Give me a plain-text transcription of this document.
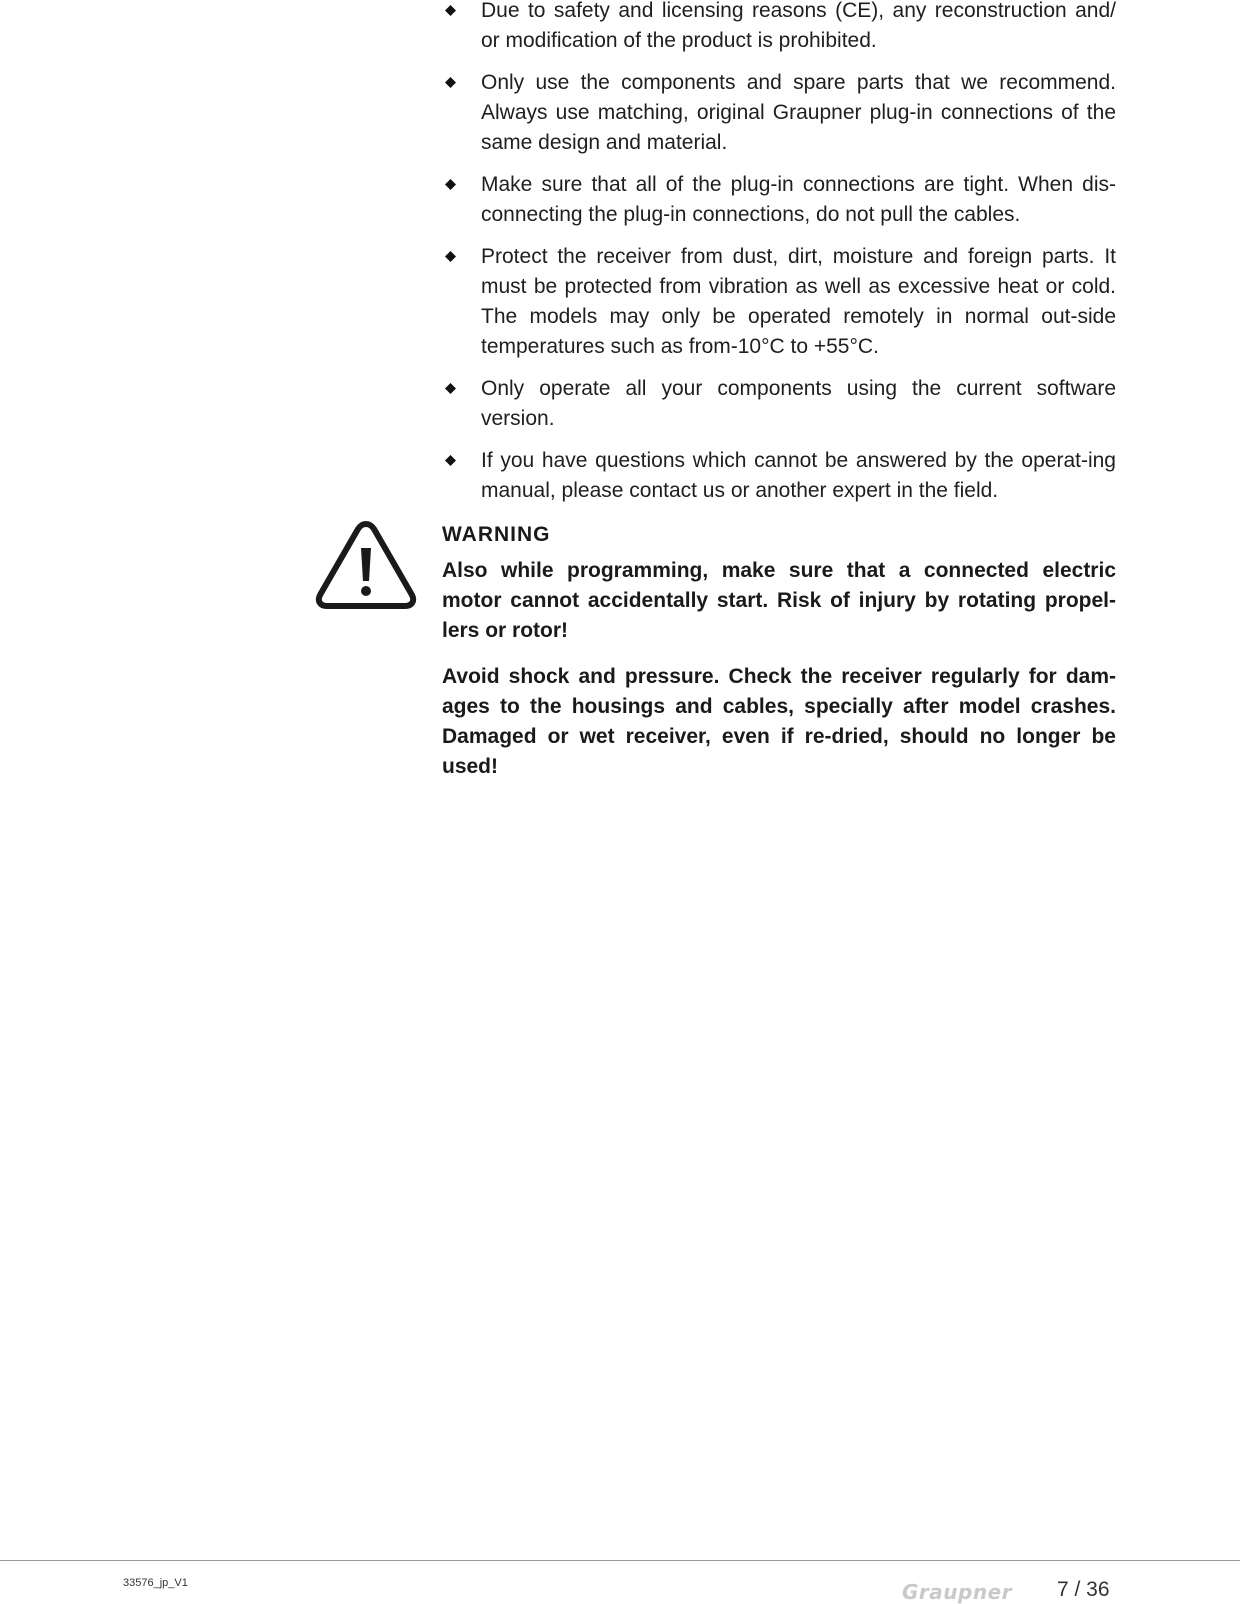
Due to safety and licensing reasons (CE), any reconstruction and/ or modification of the product is prohibited.
Only use the components and spare parts that we recommend. Always use matching, original Graupner plug-in connections of the same design and material.
Make sure that all of the plug-in connections are tight. When dis-connecting the plug-in connections, do not pull the cables.
Protect the receiver from dust, dirt, moisture and foreign parts. It must be protected from vibration as well as excessive heat or cold. The models may only be operated remotely in normal out-side temperatures such as from-10°C to +55°C.
Only operate all your components using the current software version.
If you have questions which cannot be answered by the operat-ing manual, please contact us or another expert in the field.

WARNING

Also while programming, make sure that a connected electric motor cannot accidentally start. Risk of injury by rotating propel-lers or rotor!

Avoid shock and pressure. Check the receiver regularly for dam-ages to the housings and cables, specially after model crashes. Damaged or wet receiver, even if re-dried, should no longer be used!

33576_jp_V1	Graupner 7 / 36
